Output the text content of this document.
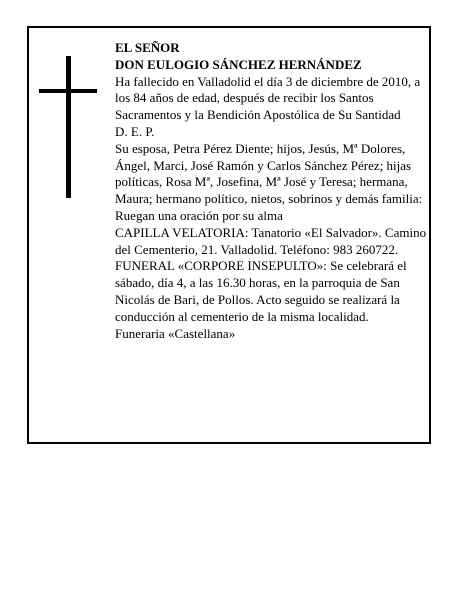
EL SEÑOR

DON EULOGIO SÁNCHEZ HERNÁNDEZ

Ha fallecido en Valladolid el día 3 de diciembre de 2010, a los 84 años de edad, después de recibir los Santos Sacramentos y la Bendición Apostólica de Su Santidad

D. E. P.

Su esposa, Petra Pérez Diente; hijos, Jesús, Mª Dolores, Ángel, Marci, José Ramón y Carlos Sánchez Pérez; hijas políticas, Rosa Mª, Josefina, Mª José y Teresa; hermana, Maura; hermano político, nietos, sobrinos y demás familia:

Ruegan una oración por su alma

CAPILLA VELATORIA: Tanatorio «El Salvador». Camino del Cementerio, 21. Valladolid. Teléfono: 983 260722.

FUNERAL «CORPORE INSEPULTO»: Se celebrará el sábado, día 4, a las 16.30 horas, en la parroquia de San Nicolás de Bari, de Pollos. Acto seguido se realizará la conducción al cementerio de la misma localidad.

Funeraria «Castellana»
